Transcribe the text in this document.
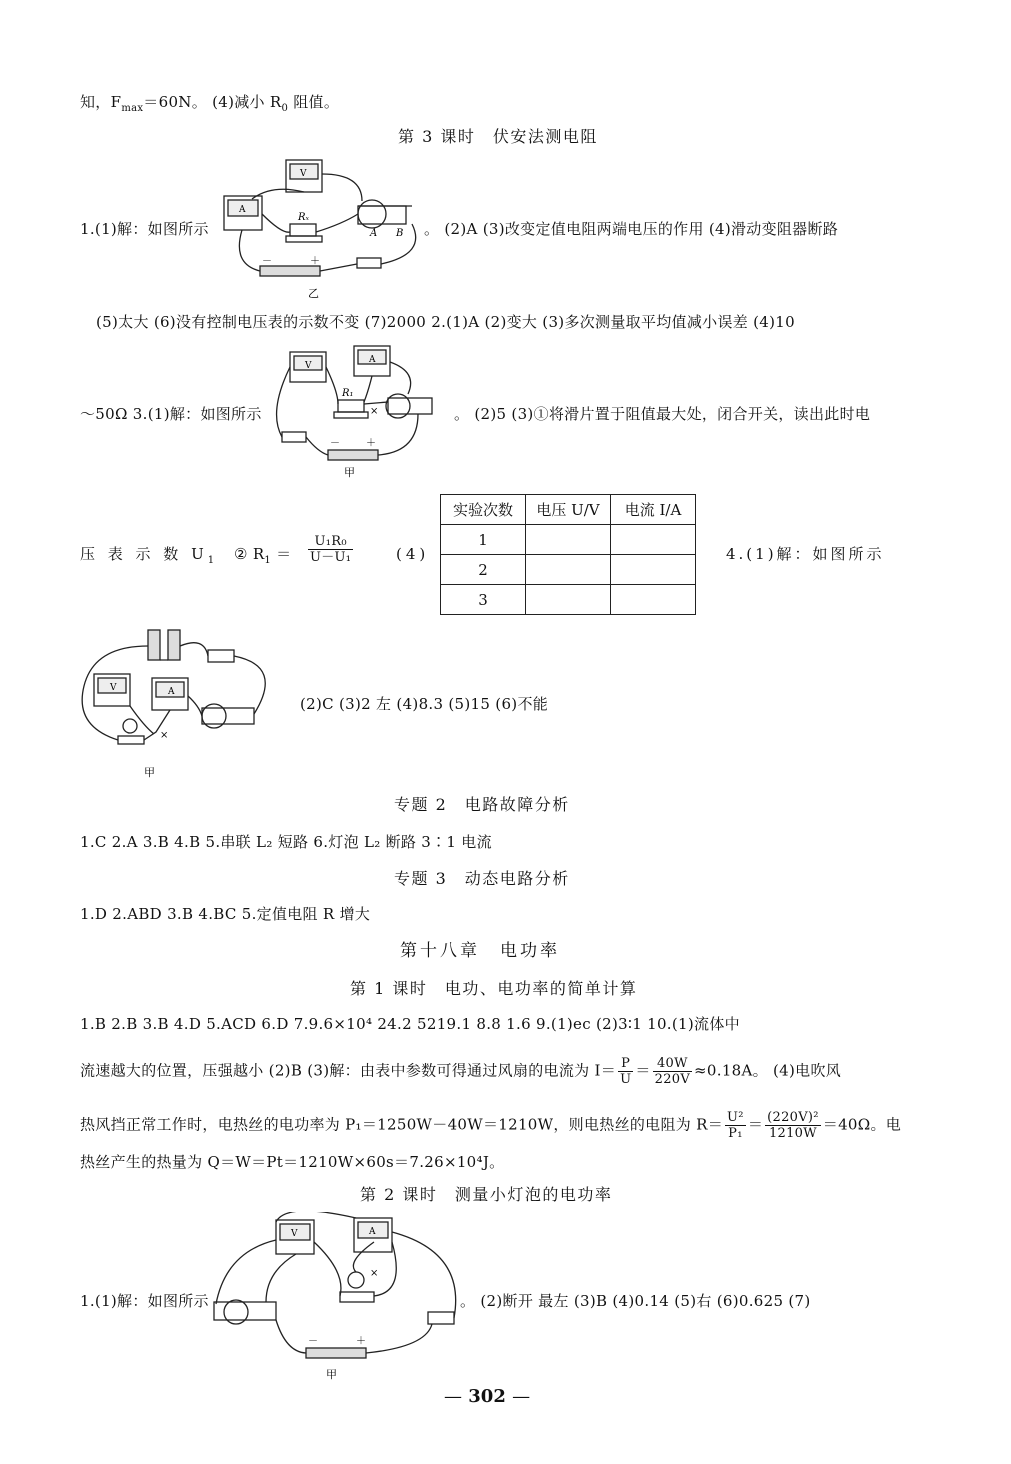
知，$F_{max}=60N$。 (4)减小 $R_0$ 阻值。
第 3 课时　伏安法测电阻
A
V
Rₓ
A B
－	＋
乙
1.(1)解：如图所示	。 (2)A (3)改变定值电阻两端电压的作用 (4)滑动变阻器断路
(5)太大 (6)没有控制电压表的示数不变 (7)2000 2.(1)A (2)变大 (3)多次测量取平均值减小误差 (4)10
V
A
R₁
×
－	＋
甲
～50Ω 3.(1)解：如图所示	。 (2)5 (3)①将滑片置于阻值最大处，闭合开关，读出此时电
压 表 示 数 $U_1$ ② $R_1 = \frac{\text{U₁R₀}}{\text{U－U₁}}$	(4)
实验次数	电压 U/V	电流 I/A
1		
2		
3		
4.(1)解：如图所示
V	A
×
甲
(2)C (3)2 左 (4)8.3 (5)15 (6)不能
专题 2　电路故障分析
1.C 2.A 3.B 4.B 5.串联 L₂ 短路 6.灯泡 L₂ 断路 3∶1 电流
专题 3　动态电路分析
1.D 2.ABD 3.B 4.BC 5.定值电阻 R 增大
第十八章　电功率
第 1 课时　电功、电功率的简单计算
1.B 2.B 3.B 4.D 5.ACD 6.D 7.9.6×10⁴ 24.2 5219.1 8.8 1.6 9.(1)ec (2)3∶1 10.(1)流体中
流速越大的位置，压强越小 (2)B (3)解：由表中参数可得通过风扇的电流为 $I= \frac{P}{U} = \frac{40W}{220V} \approx 0.18A$。 (4)电吹风
热风挡正常工作时，电热丝的电功率为 P₁＝1250W－40W＝1210W，则电热丝的电阻为 $R= \frac{\text{U²}}{\text{P₁}} = \frac{\text{(220V)²}}{1210W} =40\Omega$。电
热丝产生的热量为 Q＝W＝Pt＝1210W×60s＝7.26×10⁴J。
第 2 课时　测量小灯泡的电功率
V	A
×
－	＋
甲
1.(1)解：如图所示	。 (2)断开 最左 (3)B (4)0.14 (5)右 (6)0.625 (7)
— 302 —
